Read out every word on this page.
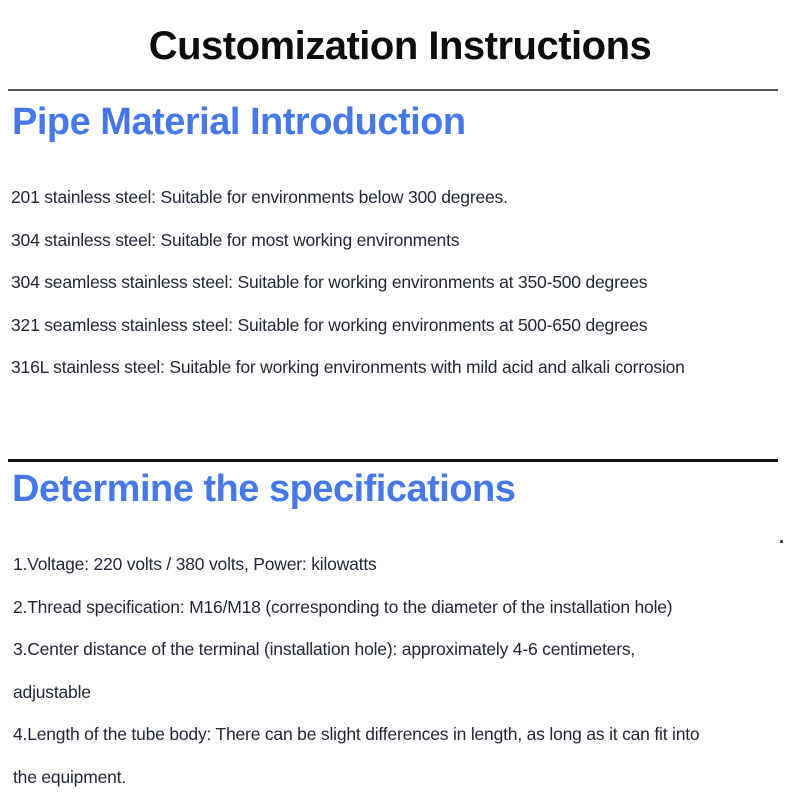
Customization Instructions
Pipe Material Introduction
201 stainless steel: Suitable for environments below 300 degrees.
304 stainless steel: Suitable for most working environments
304 seamless stainless steel: Suitable for working environments at 350-500 degrees
321 seamless stainless steel: Suitable for working environments at 500-650 degrees
316L stainless steel: Suitable for working environments with mild acid and alkali corrosion
Determine the specifications
.
1.Voltage: 220 volts / 380 volts, Power: kilowatts
2.Thread specification: M16/M18 (corresponding to the diameter of the installation hole)
3.Center distance of the terminal (installation hole): approximately 4-6 centimeters,
adjustable
4.Length of the tube body: There can be slight differences in length, as long as it can fit into
the equipment.
